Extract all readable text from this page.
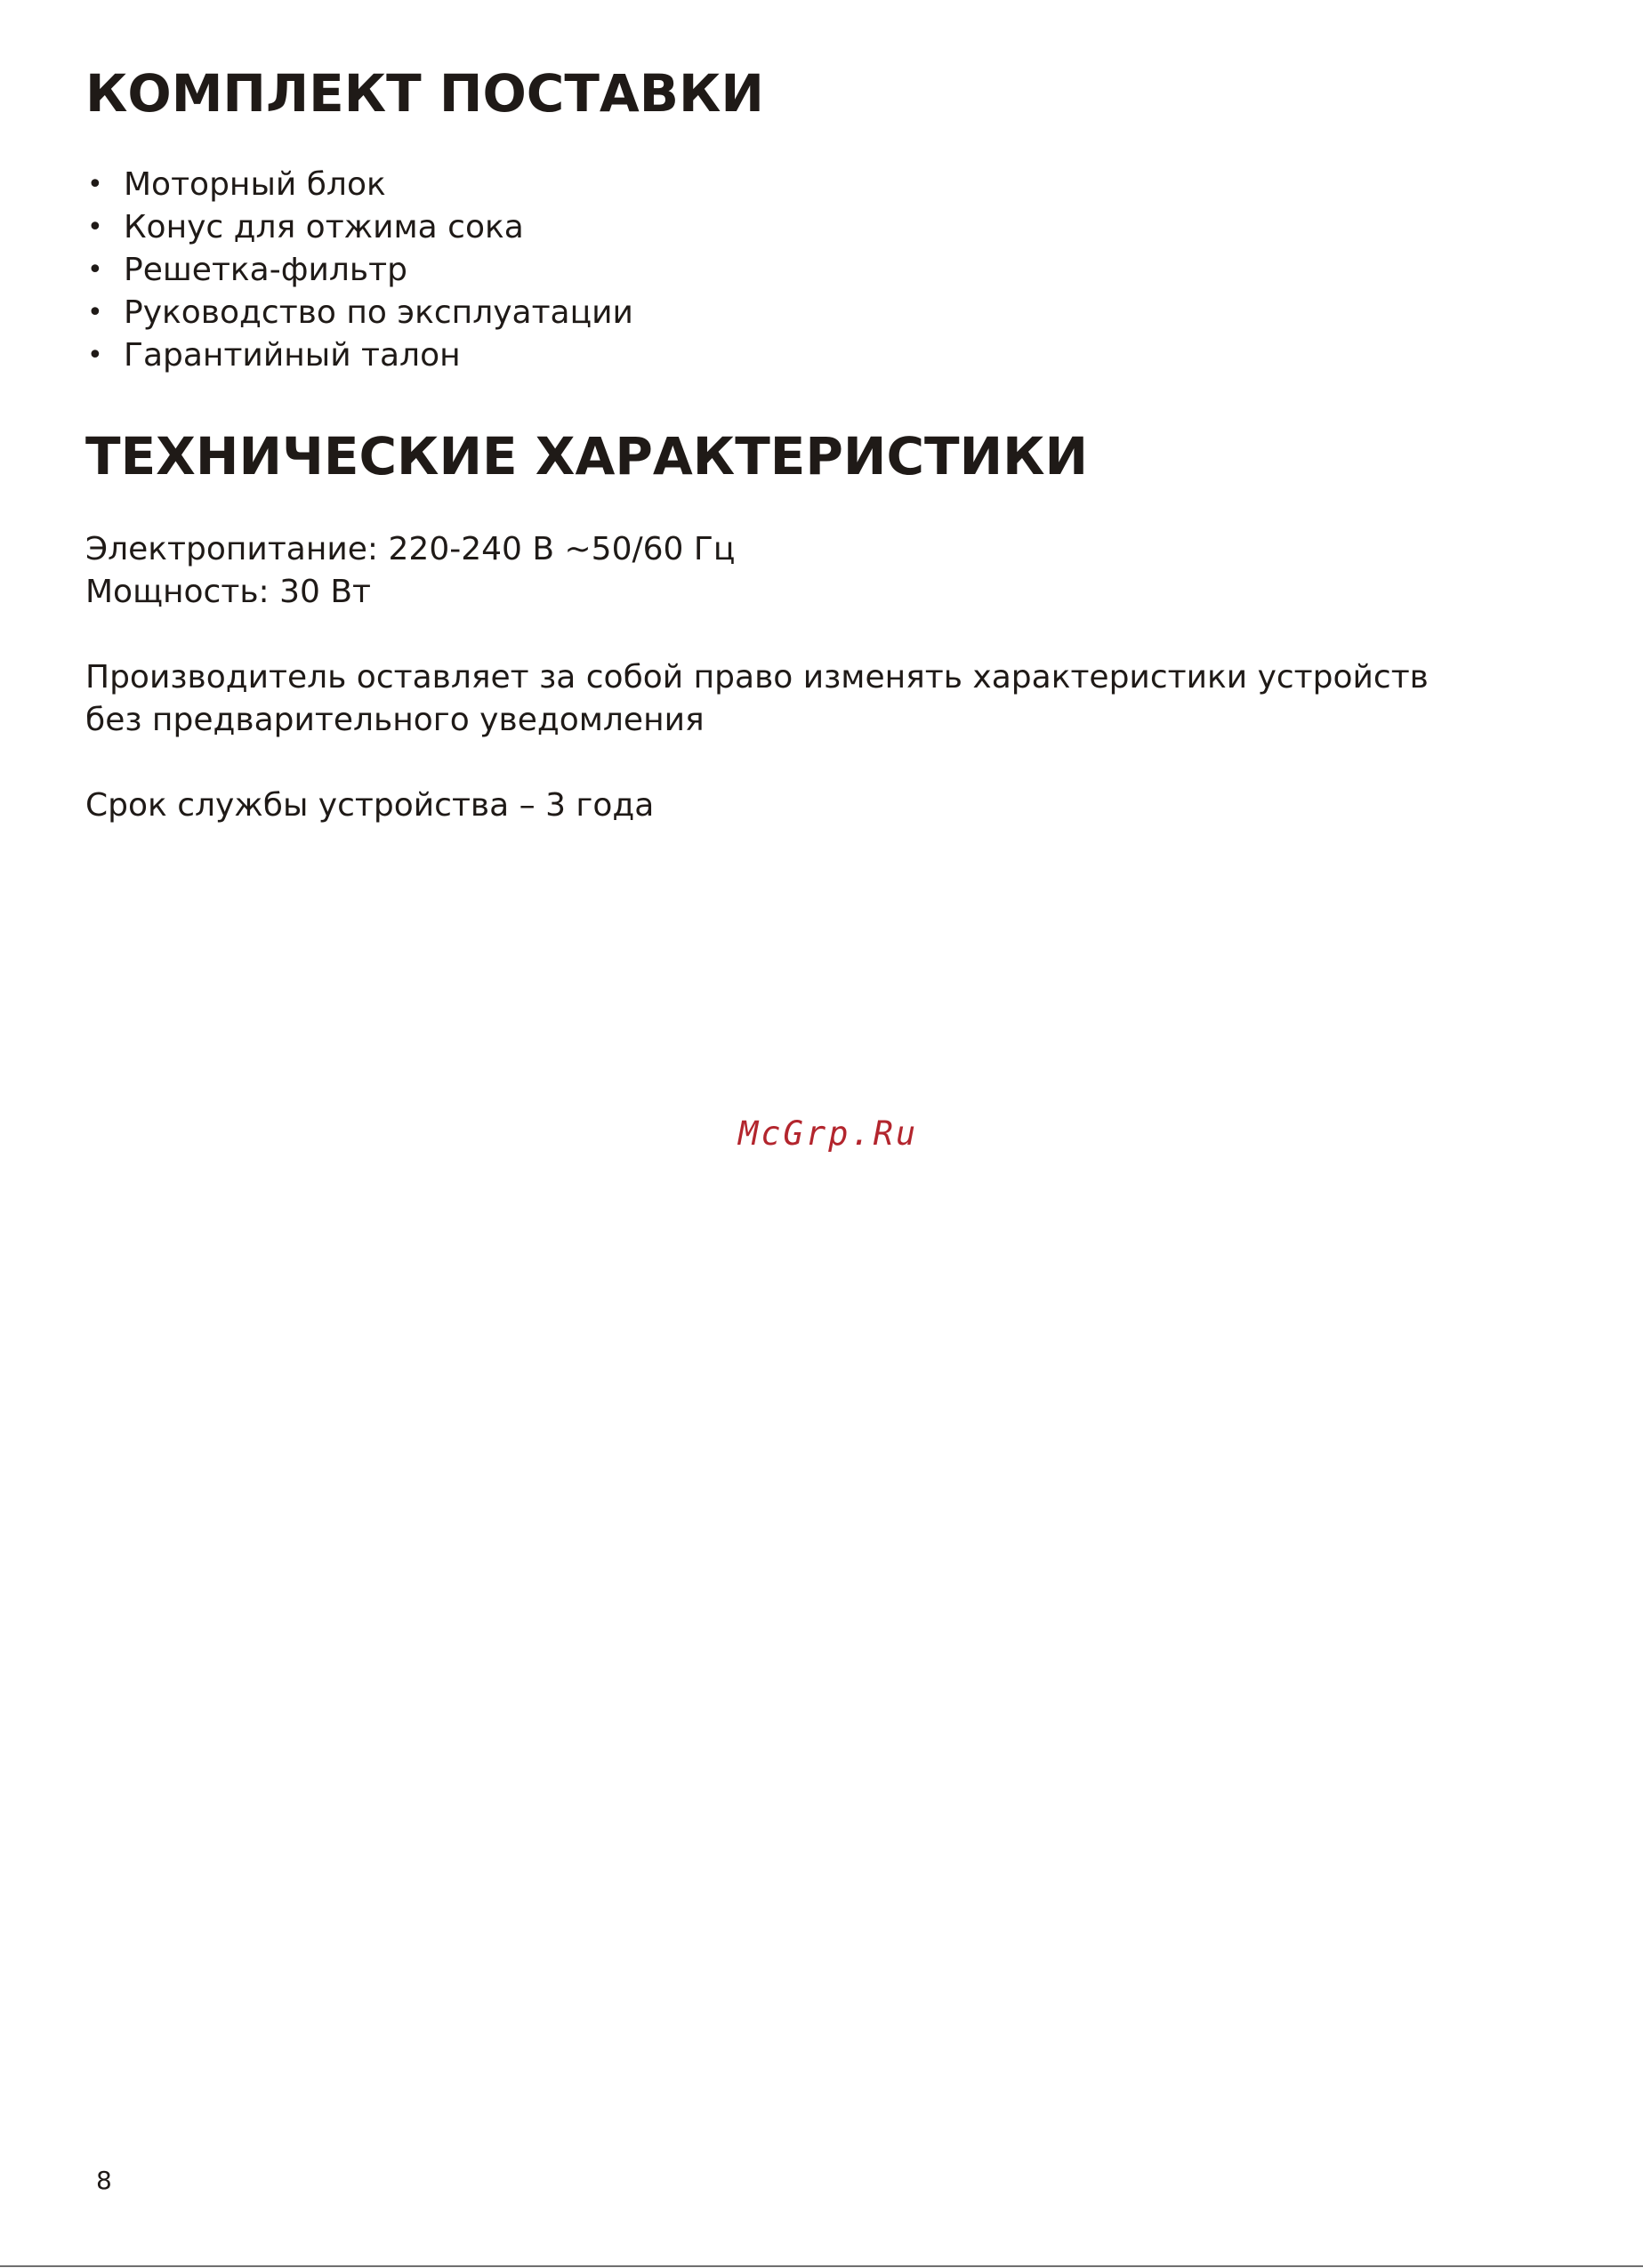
КОМПЛЕКТ ПОСТАВКИ
• Моторный блок
• Конус для отжима сока
• Решетка-фильтр
• Руководство по эксплуатации
• Гарантийный талон
ТЕХНИЧЕСКИЕ ХАРАКТЕРИСТИКИ

Электропитание: 220-240 В ~50/60 Гц

Мощность: 30 Вт

Производитель оставляет за собой право изменять характеристики устройств

без предварительного уведомления

Срок службы устройства – 3 года

McGrp.Ru
8
